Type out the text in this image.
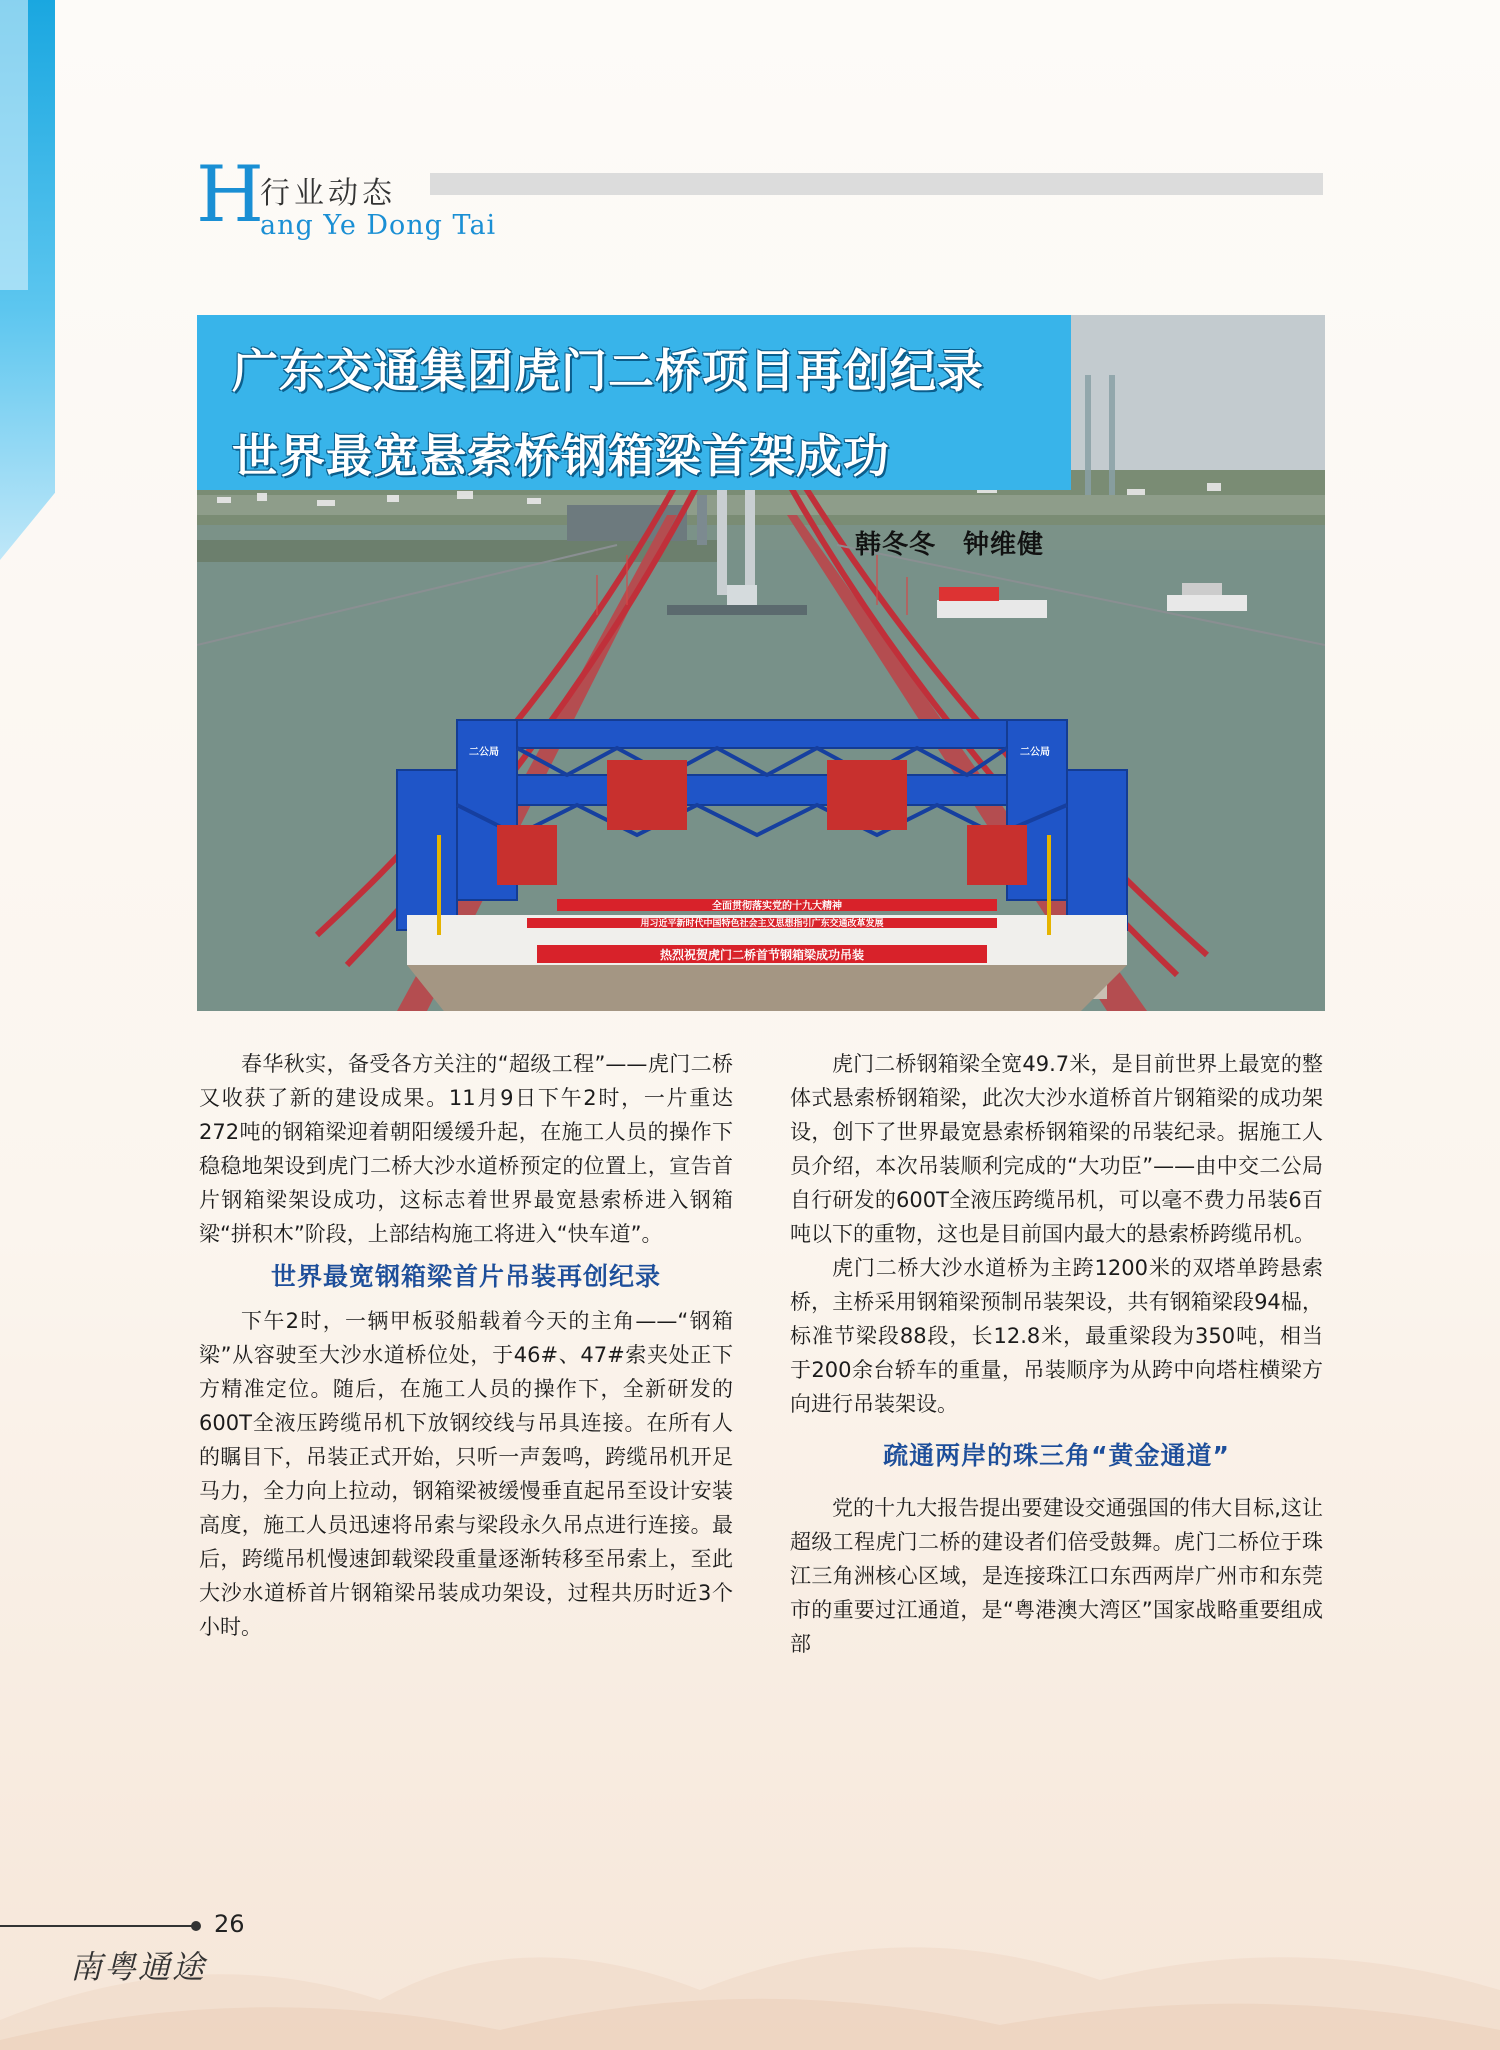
H
行业动态
ang Ye Dong Tai
全面贯彻落实党的十九大精神
用习近平新时代中国特色社会主义思想指引广东交通改革发展
热烈祝贺虎门二桥首节钢箱梁成功吊装
二公局	二公局
广东交通集团虎门二桥项目再创纪录
世界最宽悬索桥钢箱梁首架成功
韩冬冬　钟维健

春华秋实，备受各方关注的“超级工程”——虎门二桥又收获了新的建设成果。11月9日下午2时，一片重达272吨的钢箱梁迎着朝阳缓缓升起，在施工人员的操作下稳稳地架设到虎门二桥大沙水道桥预定的位置上，宣告首片钢箱梁架设成功，这标志着世界最宽悬索桥进入钢箱梁“拼积木”阶段，上部结构施工将进入“快车道”。

世界最宽钢箱梁首片吊装再创纪录

下午2时，一辆甲板驳船载着今天的主角——“钢箱梁”从容驶至大沙水道桥位处，于46#、47#索夹处正下方精准定位。随后，在施工人员的操作下，全新研发的600T全液压跨缆吊机下放钢绞线与吊具连接。在所有人的瞩目下，吊装正式开始，只听一声轰鸣，跨缆吊机开足马力，全力向上拉动，钢箱梁被缓慢垂直起吊至设计安装高度，施工人员迅速将吊索与梁段永久吊点进行连接。最后，跨缆吊机慢速卸载梁段重量逐渐转移至吊索上，至此大沙水道桥首片钢箱梁吊装成功架设，过程共历时近3个小时。

虎门二桥钢箱梁全宽49.7米，是目前世界上最宽的整体式悬索桥钢箱梁，此次大沙水道桥首片钢箱梁的成功架设，创下了世界最宽悬索桥钢箱梁的吊装纪录。据施工人员介绍，本次吊装顺利完成的“大功臣”——由中交二公局自行研发的600T全液压跨缆吊机，可以毫不费力吊装6百吨以下的重物，这也是目前国内最大的悬索桥跨缆吊机。

虎门二桥大沙水道桥为主跨1200米的双塔单跨悬索桥，主桥采用钢箱梁预制吊装架设，共有钢箱梁段94榀，标准节梁段88段，长12.8米，最重梁段为350吨，相当于200余台轿车的重量，吊装顺序为从跨中向塔柱横梁方向进行吊装架设。

疏通两岸的珠三角“黄金通道”

党的十九大报告提出要建设交通强国的伟大目标,这让超级工程虎门二桥的建设者们倍受鼓舞。虎门二桥位于珠江三角洲核心区域，是连接珠江口东西两岸广州市和东莞市的重要过江通道，是“粤港澳大湾区”国家战略重要组成部

26
南粤通途
